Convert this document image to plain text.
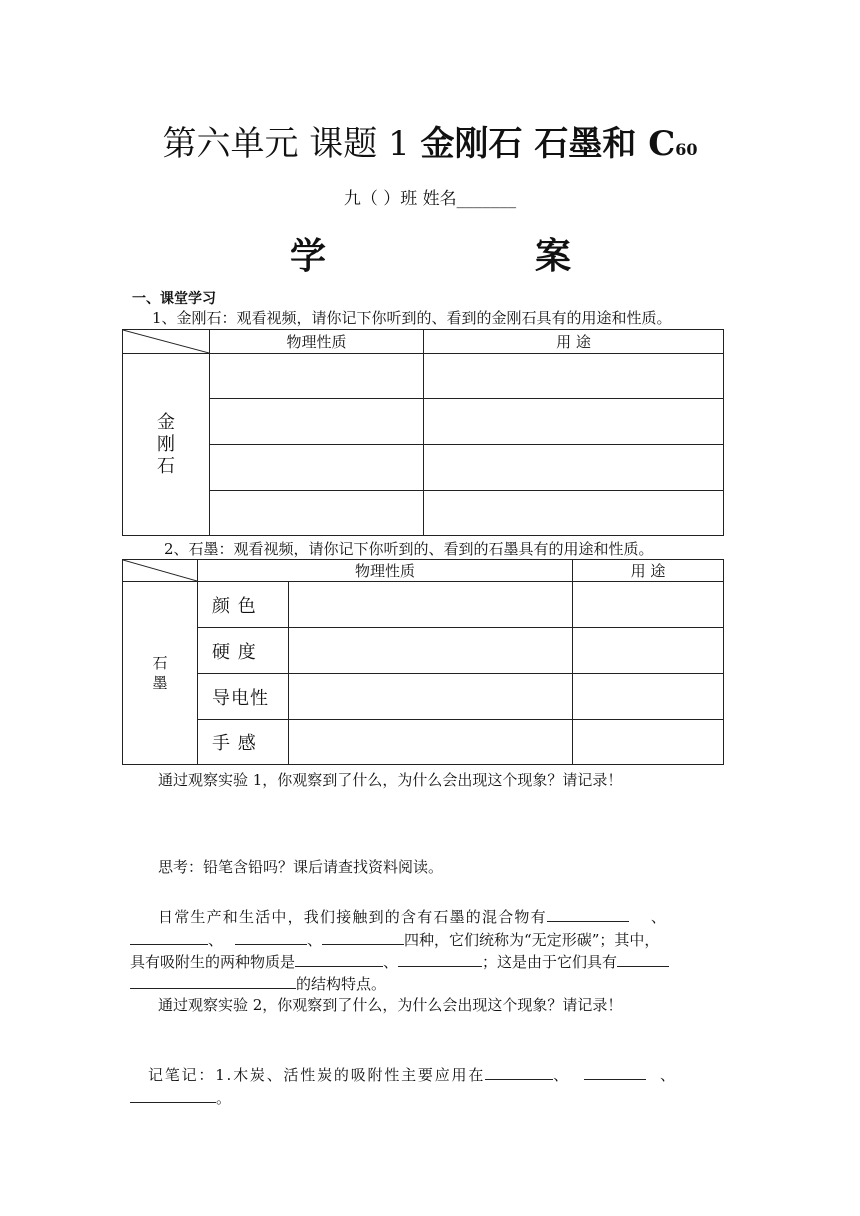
第六单元 课题 1 金刚石 石墨和 C60
九（ ）班 姓名_______
学	案
一、课堂学习
1、金刚石：观看视频，请你记下你听到的、看到的金刚石具有的用途和性质。
	物理性质	用 途
金刚石		

2、石墨：观看视频，请你记下你听到的、看到的石墨具有的用途和性质。
	物理性质		用 途
石墨	颜 色		
	硬 度		
	导电性		
	手 感		
通过观察实验 1，你观察到了什么，为什么会出现这个现象？请记录！
思考：铅笔含铅吗？课后请查找资料阅读。
日常生产和生活中，我们接触到的含有石墨的混合物有	、
、	、	四种，它们统称为“无定形碳”；其中，
具有吸附生的两种物质是	、	；这是由于它们具有
的结构特点。
通过观察实验 2，你观察到了什么，为什么会出现这个现象？请记录！
记笔记：1.木炭、活性炭的吸附性主要应用在	、	、
。
